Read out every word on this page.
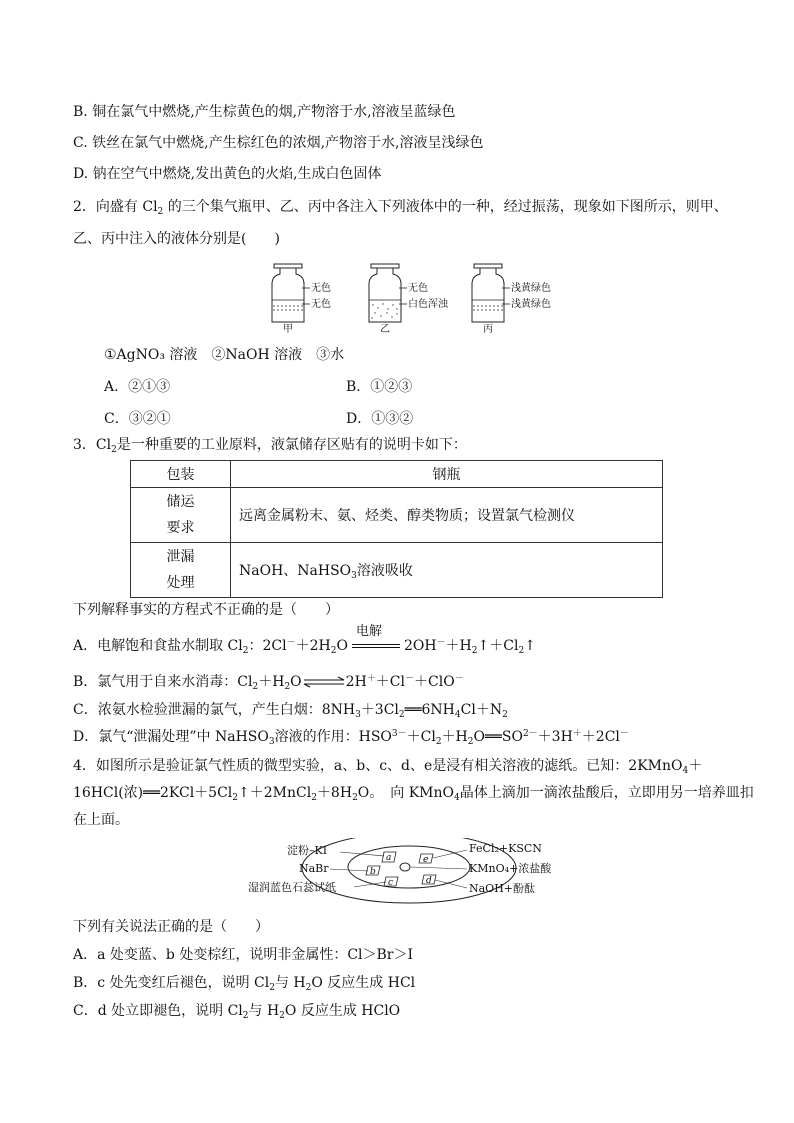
B. 铜在氯气中燃烧,产生棕黄色的烟,产物溶于水,溶液呈蓝绿色
C. 铁丝在氯气中燃烧,产生棕红色的浓烟,产物溶于水,溶液呈浅绿色
D. 钠在空气中燃烧,发出黄色的火焰,生成白色固体
2．向盛有 $Cl_2$ 的三个集气瓶甲、乙、丙中各注入下列液体中的一种，经过振荡，现象如下图所示，则甲、
乙、丙中注入的液体分别是(　　)
无色
无色
甲
无色
白色浑浊
乙
浅黄绿色
浅黄绿色
丙
①AgNO₃ 溶液　②NaOH 溶液　③水
A．②①③	B．①②③
C．③②①	D．①③②
3．$Cl_2$是一种重要的工业原料，液氯储存区贴有的说明卡如下：
包装	钢瓶
储运
要求	远离金属粉末、氨、烃类、醇类物质；设置氯气检测仪
泄漏
处理	NaOH、NaHSO$_3$溶液吸收
下列解释事实的方程式不正确的是（　　）
A．电解饱和食盐水制取 $Cl_2$：$2Cl^-+2H_2O$
电解
$2OH^-+H_2↑+Cl_2↑$
B．氯气用于自来水消毒：$Cl_2+H_2O\rightleftharpoons 2H^++Cl^-+ClO^-$
C．浓氨水检验泄漏的氯气，产生白烟：$8NH_3+3Cl_2══6NH_4Cl+N_2$
D．氯气“泄漏处理”中 NaHSO$_3$溶液的作用：$HSO^{3-}+Cl_2+H_2O══SO^{2-}+3H^++2Cl^-$
4．如图所示是验证氯气性质的微型实验，a、b、c、d、e是浸有相关溶液的滤纸。已知：2KMnO$_4$＋
16HCl(浓)$══2KCl+5Cl_2↑+2MnCl_2+8H_2O$。　向 KMnO$_4$晶体上滴加一滴浓盐酸后，立即用另一培养皿扣
在上面。
a	e
b
c	d
淀粉–KI
NaBr
湿润蓝色石蕊试纸
FeCl₂+KSCN
KMnO₄+浓盐酸
NaOH+酚酞
下列有关说法正确的是（　　）
A．a 处变蓝、b 处变棕红，说明非金属性：Cl＞Br＞I
B．c 处先变红后褪色，说明 $Cl_2$与 $H_2O$ 反应生成 HCl
C．d 处立即褪色，说明 $Cl_2$与 $H_2O$ 反应生成 HClO
